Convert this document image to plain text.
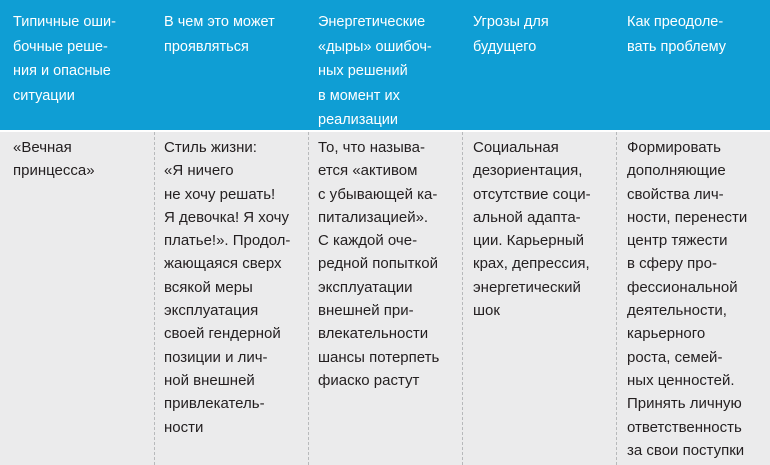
Типичные оши-
бочные реше-
ния и опасные
ситуации
В чем это может
проявляться
Энергетические
«дыры» ошибоч-
ных решений
в момент их
реализации
Угрозы для
будущего
Как преодоле-
вать проблему
«Вечная
принцесса»
Стиль жизни:
«Я ничего
не хочу решать!
Я девочка! Я хочу
платье!». Продол-
жающаяся сверх
всякой меры
эксплуатация
своей гендерной
позиции и лич-
ной внешней
привлекатель-
ности
То, что называ-
ется «активом
с убывающей ка-
питализацией».
С каждой оче-
редной попыткой
эксплуатации
внешней при-
влекательности
шансы потерпеть
фиаско растут
Социальная
дезориентация,
отсутствие соци-
альной адапта-
ции. Карьерный
крах, депрессия,
энергетический
шок
Формировать
дополняющие
свойства лич-
ности, перенести
центр тяжести
в сферу про-
фессиональной
деятельности,
карьерного
роста, семей-
ных ценностей.
Принять личную
ответственность
за свои поступки
